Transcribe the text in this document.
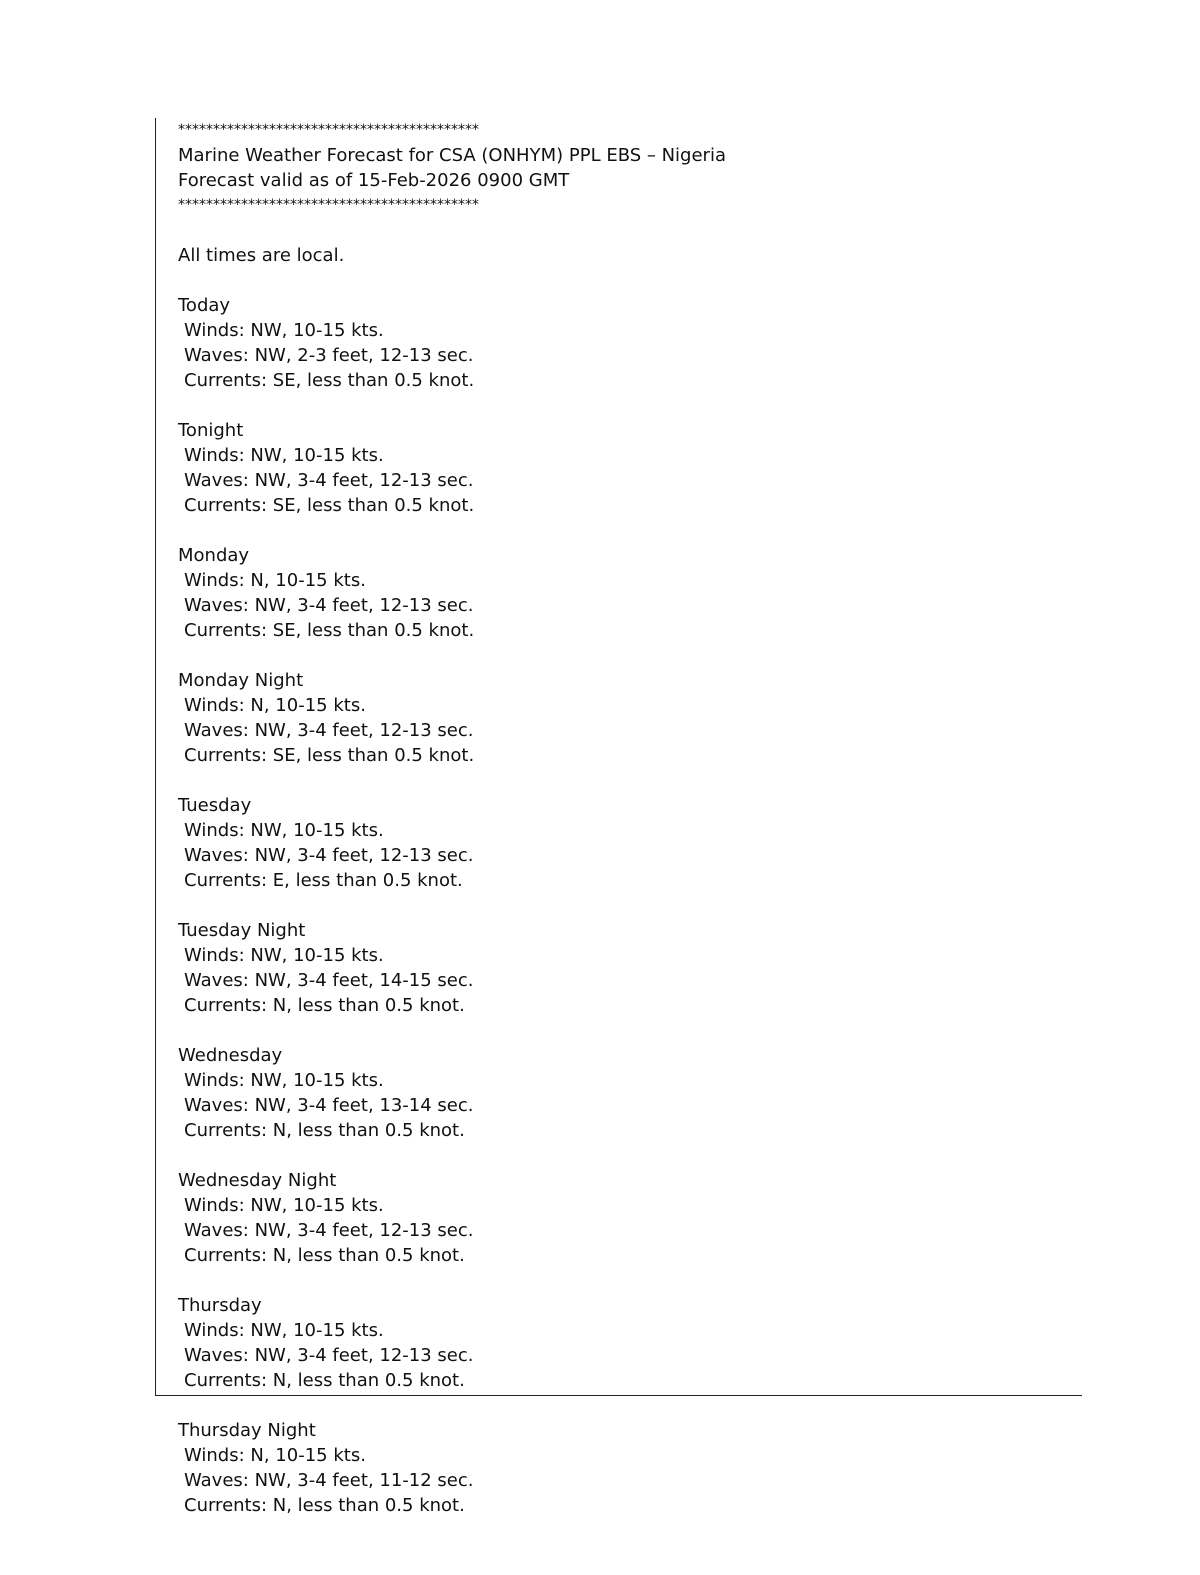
*******************************************
Marine Weather Forecast for CSA (ONHYM) PPL EBS – Nigeria
Forecast valid as of 15-Feb-2026 0900 GMT
*******************************************
All times are local.
Today
Winds: NW, 10-15 kts.
Waves: NW, 2-3 feet, 12-13 sec.
Currents: SE, less than 0.5 knot.
Tonight
Winds: NW, 10-15 kts.
Waves: NW, 3-4 feet, 12-13 sec.
Currents: SE, less than 0.5 knot.
Monday
Winds: N, 10-15 kts.
Waves: NW, 3-4 feet, 12-13 sec.
Currents: SE, less than 0.5 knot.
Monday Night
Winds: N, 10-15 kts.
Waves: NW, 3-4 feet, 12-13 sec.
Currents: SE, less than 0.5 knot.
Tuesday
Winds: NW, 10-15 kts.
Waves: NW, 3-4 feet, 12-13 sec.
Currents: E, less than 0.5 knot.
Tuesday Night
Winds: NW, 10-15 kts.
Waves: NW, 3-4 feet, 14-15 sec.
Currents: N, less than 0.5 knot.
Wednesday
Winds: NW, 10-15 kts.
Waves: NW, 3-4 feet, 13-14 sec.
Currents: N, less than 0.5 knot.
Wednesday Night
Winds: NW, 10-15 kts.
Waves: NW, 3-4 feet, 12-13 sec.
Currents: N, less than 0.5 knot.
Thursday
Winds: NW, 10-15 kts.
Waves: NW, 3-4 feet, 12-13 sec.
Currents: N, less than 0.5 knot.
Thursday Night
Winds: N, 10-15 kts.
Waves: NW, 3-4 feet, 11-12 sec.
Currents: N, less than 0.5 knot.
